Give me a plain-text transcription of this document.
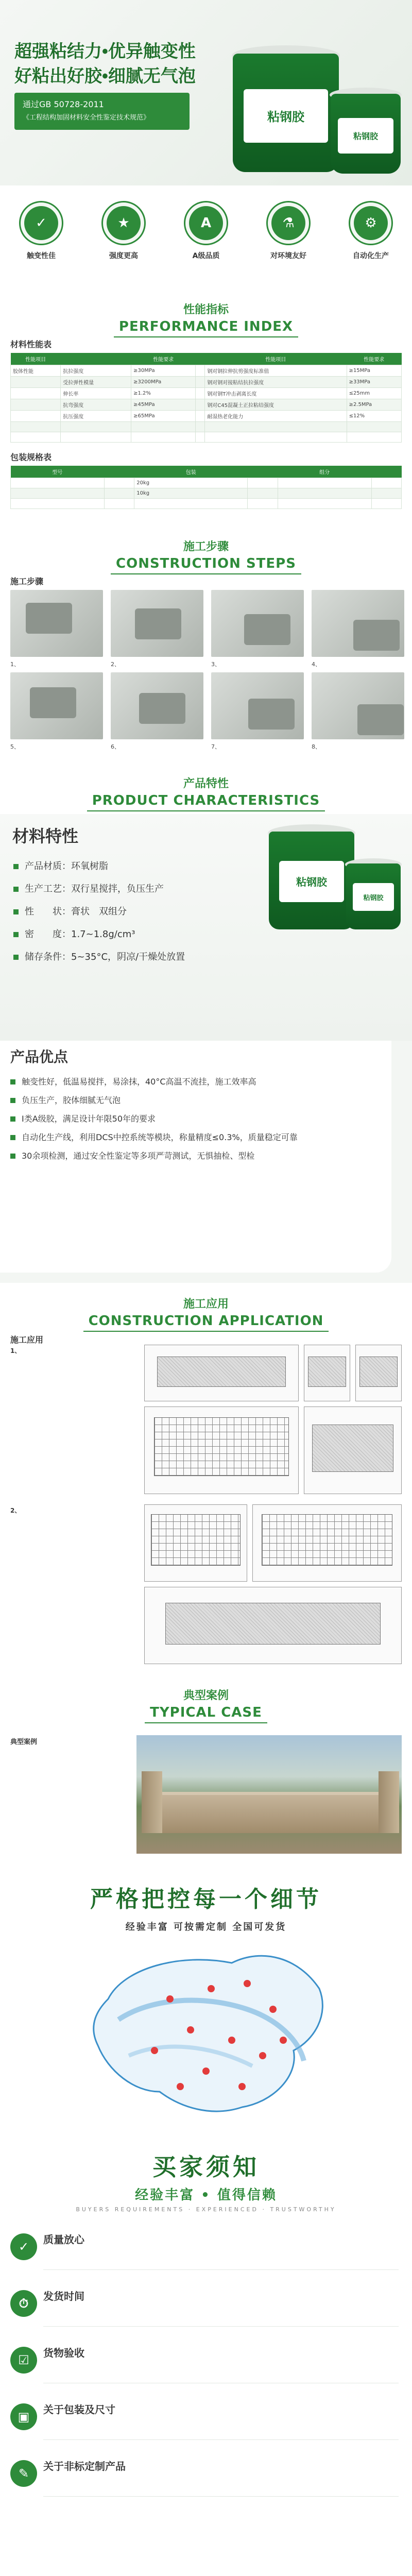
超强粘结力•优异触变性
好粘出好胶•细腻无气泡
通过GB 50728-2011
《工程结构加固材料安全性鉴定技术规范》	粘钢胶
粘钢胶
✓
触变性佳
★
强度更高
A
A级品质
⚗
对环境友好
⚙
自动化生产
性能指标
PERFORMANCE INDEX
材料性能表
性能项目		性能要求		性能项目	性能要求
胶体性能	抗拉强度	≥30MPa		钢对钢拉伸抗剪强度标准值	≥15MPa
	受拉弹性模量	≥3200MPa		钢对钢对接粘结抗拉强度	≥33MPa
	伸长率	≥1.2%		钢对钢T冲击剥离长度	≤25mm
	抗弯强度	≥45MPa		钢对C45混凝土正拉粘结强度	≥2.5MPa
	抗压强度	≥65MPa		耐湿热老化能力	≤12%

包装规格表
型号		包装		组分	
		20kg			
		10kg			

施工步骤
CONSTRUCTION STEPS
施工步骤
1、	2、	3、	4、
5、	6、	7、	8、
产品特性
PRODUCT CHARACTERISTICS
材料特性
产品材质：环氧树脂
生产工艺：双行星搅拌，负压生产
性　　状：膏状　双组分
密　　度：1.7~1.8g/cm³
储存条件：5~35°C，阴凉/干燥处放置
粘钢胶
粘钢胶
产品优点
触变性好，低温易搅拌，易涂抹，40°C高温不流挂，施工效率高
负压生产，胶体细腻无气泡
I类A级胶，满足设计年限50年的要求
自动化生产线，利用DCS中控系统等模块，称量精度≤0.3%，质量稳定可靠
30余项检测，通过安全性鉴定等多项严苛测试，无惧抽检、型检
施工应用
CONSTRUCTION APPLICATION
施工应用
1、
2、
典型案例
TYPICAL CASE
典型案例
严格把控每一个细节
经验丰富 可按需定制 全国可发货
买家须知
经验丰富 • 值得信赖
BUYERS REQUIREMENTS · EXPERIENCED · TRUSTWORTHY
✓	质量放心
⏱	发货时间
☑	货物验收
▣	关于包装及尺寸
✎	关于非标定制产品
